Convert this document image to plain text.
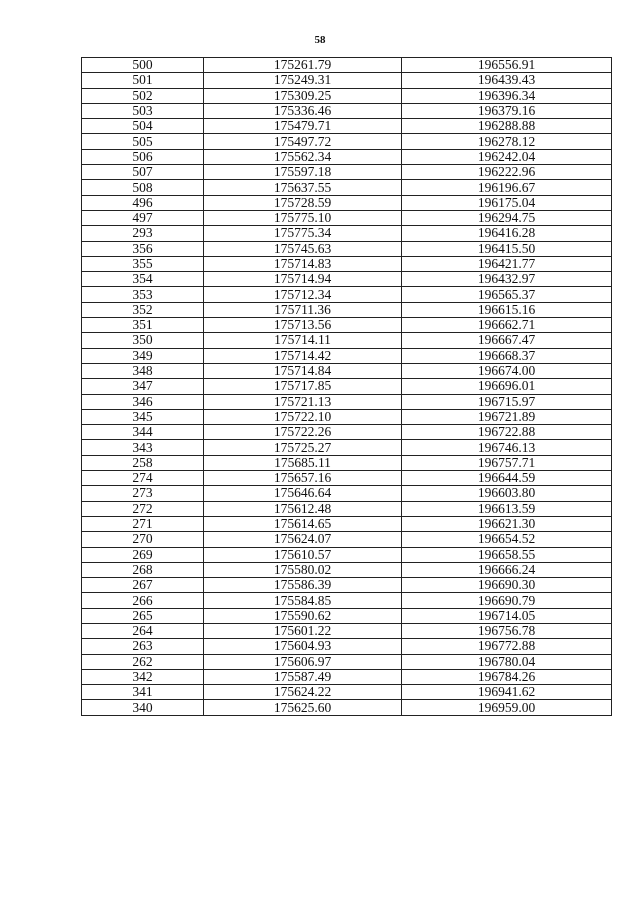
58
500	175261.79	196556.91
501	175249.31	196439.43
502	175309.25	196396.34
503	175336.46	196379.16
504	175479.71	196288.88
505	175497.72	196278.12
506	175562.34	196242.04
507	175597.18	196222.96
508	175637.55	196196.67
496	175728.59	196175.04
497	175775.10	196294.75
293	175775.34	196416.28
356	175745.63	196415.50
355	175714.83	196421.77
354	175714.94	196432.97
353	175712.34	196565.37
352	175711.36	196615.16
351	175713.56	196662.71
350	175714.11	196667.47
349	175714.42	196668.37
348	175714.84	196674.00
347	175717.85	196696.01
346	175721.13	196715.97
345	175722.10	196721.89
344	175722.26	196722.88
343	175725.27	196746.13
258	175685.11	196757.71
274	175657.16	196644.59
273	175646.64	196603.80
272	175612.48	196613.59
271	175614.65	196621.30
270	175624.07	196654.52
269	175610.57	196658.55
268	175580.02	196666.24
267	175586.39	196690.30
266	175584.85	196690.79
265	175590.62	196714.05
264	175601.22	196756.78
263	175604.93	196772.88
262	175606.97	196780.04
342	175587.49	196784.26
341	175624.22	196941.62
340	175625.60	196959.00
